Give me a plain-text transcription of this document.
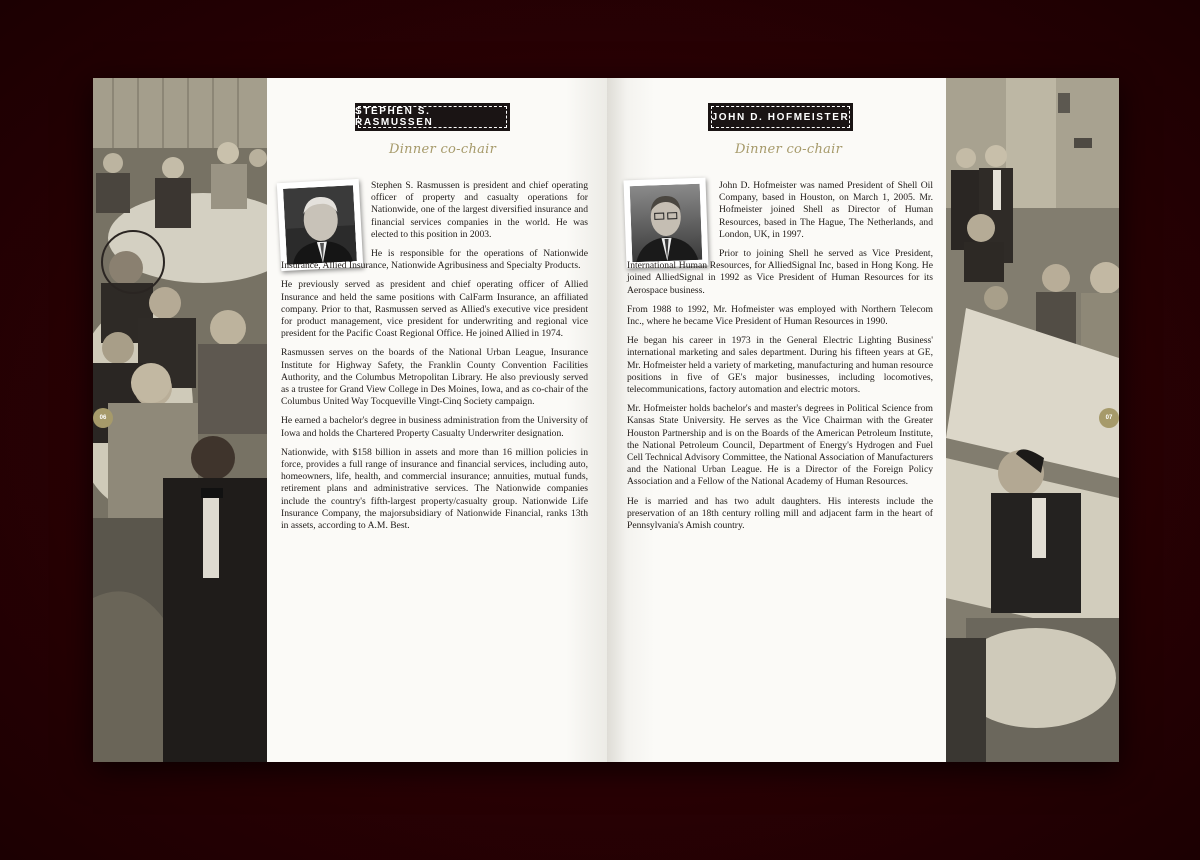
06
STEPHEN S. RASMUSSEN
Dinner co-chair

Stephen S. Rasmussen is president and chief operating officer of property and casualty operations for Nationwide, one of the largest diversified insurance and financial services companies in the world. He was elected to this position in 2003.

He is responsible for the operations of Nationwide Insurance, Allied Insurance, Nationwide Agribusiness and Specialty Products.

He previously served as president and chief operating officer of Allied Insurance and held the same positions with CalFarm Insurance, an affiliated company. Prior to that, Rasmussen served as Allied's executive vice president for product management, vice president for underwriting and regional vice president for the Pacific Coast Regional Office. He joined Allied in 1974.

Rasmussen serves on the boards of the National Urban League, Insurance Institute for Highway Safety, the Franklin County Convention Facilities Authority, and the Columbus Metropolitan Library. He also previously served as a trustee for Grand View College in Des Moines, Iowa, and as co-chair of the Columbus United Way Tocqueville Vingt-Cinq Society campaign.

He earned a bachelor's degree in business administration from the University of Iowa and holds the Chartered Property Casualty Underwriter designation.

Nationwide, with $158 billion in assets and more than 16 million policies in force, provides a full range of insurance and financial services, including auto, homeowners, life, health, and commercial insurance; annuities, mutual funds, retirement plans and administrative services. The Nationwide companies include the country's fifth-largest property/casualty group. Nationwide Life Insurance Company, the majorsubsidiary of Nationwide Financial, ranks 13th in assets, according to A.M. Best.

JOHN D. HOFMEISTER
Dinner co-chair

John D. Hofmeister was named President of Shell Oil Company, based in Houston, on March 1, 2005. Mr. Hofmeister joined Shell as Director of Human Resources, based in The Hague, The Netherlands, and London, UK, in 1997.

Prior to joining Shell he served as Vice President, International Human Resources, for AlliedSignal Inc, based in Hong Kong. He joined AlliedSignal in 1992 as Vice President of Human Resources for its Aerospace business.

From 1988 to 1992, Mr. Hofmeister was employed with Northern Telecom Inc., where he became Vice President of Human Resources in 1990.

He began his career in 1973 in the General Electric Lighting Business' international marketing and sales department. During his fifteen years at GE, Mr. Hofmeister held a variety of marketing, manufacturing and human resource positions in five of GE's major businesses, including locomotives, telecommunications, factory automation and electric motors.

Mr. Hofmeister holds bachelor's and master's degrees in Political Science from Kansas State University. He serves as the Vice Chairman with the Greater Houston Partnership and is on the Boards of the American Petroleum Institute, the National Petroleum Council, Department of Energy's Hydrogen and Fuel Cell Technical Advisory Committee, the National Association of Manufacturers and the National Urban League. He is a Director of the Foreign Policy Association and a Fellow of the National Academy of Human Resources.

He is married and has two adult daughters. His interests include the preservation of an 18th century rolling mill and adjacent farm in the heart of Pennsylvania's Amish country.

07
